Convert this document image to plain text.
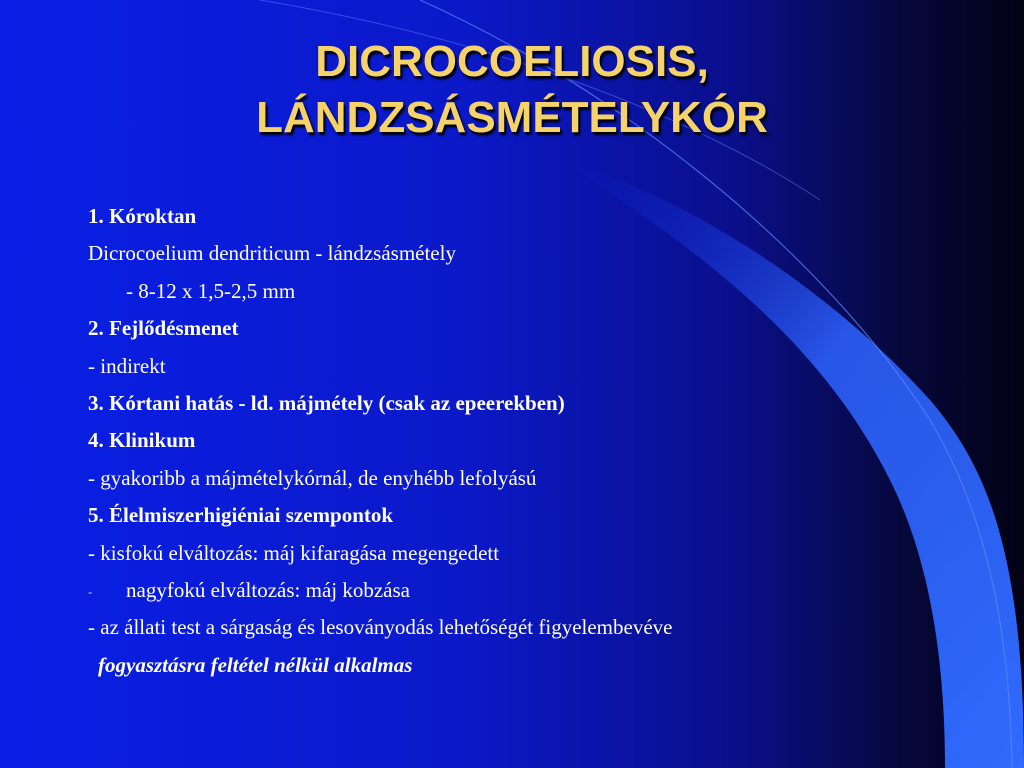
DICROCOELIOSIS,
LÁNDZSÁSMÉTELYKÓR
1. Kóroktan
Dicrocoelium dendriticum - lándzsásmétely
- 8-12 x 1,5-2,5 mm
2. Fejlődésmenet
- indirekt
3. Kórtani hatás - ld. májmétely (csak az epeerekben)
4. Klinikum
- gyakoribb a májmételykórnál, de enyhébb lefolyású
5. Élelmiszerhigiéniai szempontok
- kisfokú elváltozás: máj kifaragása megengedett
- nagyfokú elváltozás: máj kobzása
- az állati test a sárgaság és lesoványodás lehetőségét figyelembevéve
fogyasztásra feltétel nélkül alkalmas
